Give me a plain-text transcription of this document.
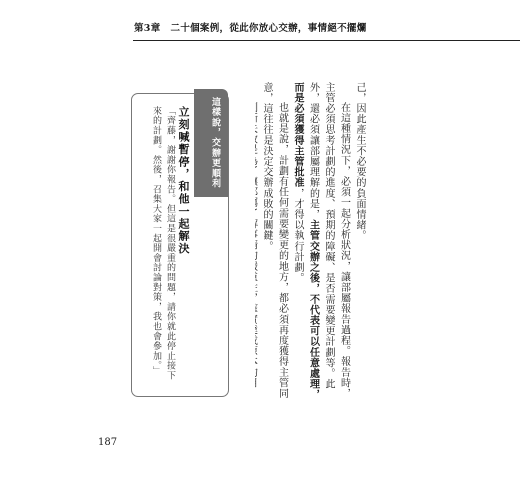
第3章 二十個案例，從此你放心交辦，事情絕不擺爛

己，因此產生不必要的負面情緒。

在這種情況下，必須一起分析狀況，讓部屬報告過程。報告時，主管必須思考計劃的進度、預期的障礙、是否需要變更計劃等。此外，還必須讓部屬理解的是，主管交辦之後，不代表可以任意處理，而是必須獲得主管批准，才得以執行計劃。

也就是說，計劃有任何需要變更的地方，都必須再度獲得主管同意，這往往是決定交辦成敗的關鍵。

這樣說，交辦更順利
立刻喊暫停，和他一起解決
「齊藤，謝謝你報告。但這是很嚴重的問題，請你就此停止接下來的計劃。然後，召集大家一起開會討論對策，我也會參加。」
187
